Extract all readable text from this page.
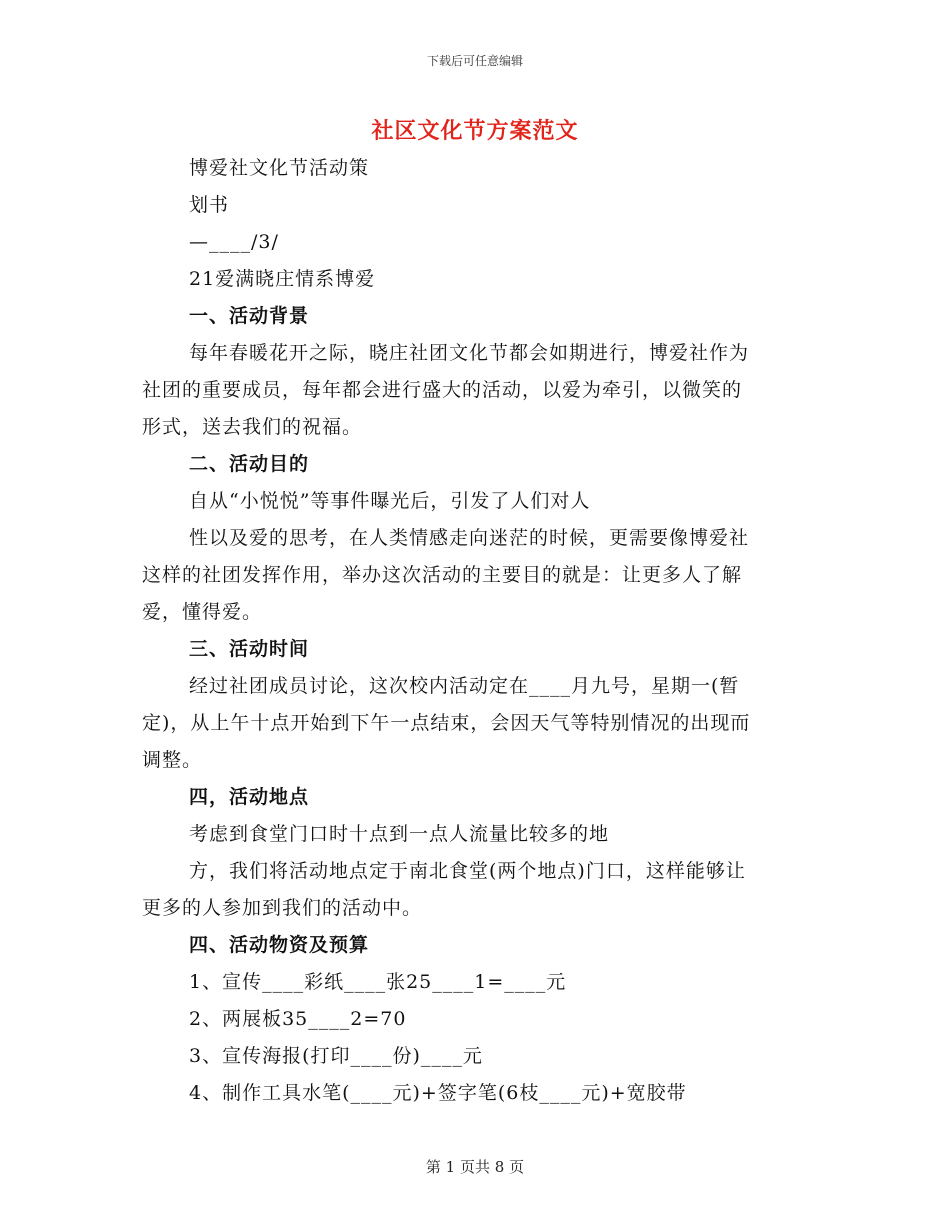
下载后可任意编辑
社区文化节方案范文
博爱社文化节活动策
划书
—____/3/
21爱满晓庄情系博爱
一、活动背景
每年春暖花开之际，晓庄社团文化节都会如期进行，博爱社作为
社团的重要成员，每年都会进行盛大的活动，以爱为牵引，以微笑的
形式，送去我们的祝福。
二、活动目的
自从“小悦悦”等事件曝光后，引发了人们对人
性以及爱的思考，在人类情感走向迷茫的时候，更需要像博爱社
这样的社团发挥作用，举办这次活动的主要目的就是：让更多人了解
爱，懂得爱。
三、活动时间
经过社团成员讨论，这次校内活动定在____月九号，星期一(暂
定)，从上午十点开始到下午一点结束，会因天气等特别情况的出现而
调整。
四，活动地点
考虑到食堂门口时十点到一点人流量比较多的地
方，我们将活动地点定于南北食堂(两个地点)门口，这样能够让
更多的人参加到我们的活动中。
四、活动物资及预算
1、宣传____彩纸____张25____1=____元
2、两展板35____2=70
3、宣传海报(打印____份)____元
4、制作工具水笔(____元)+签字笔(6枝____元)+宽胶带
第 1 页共 8 页
